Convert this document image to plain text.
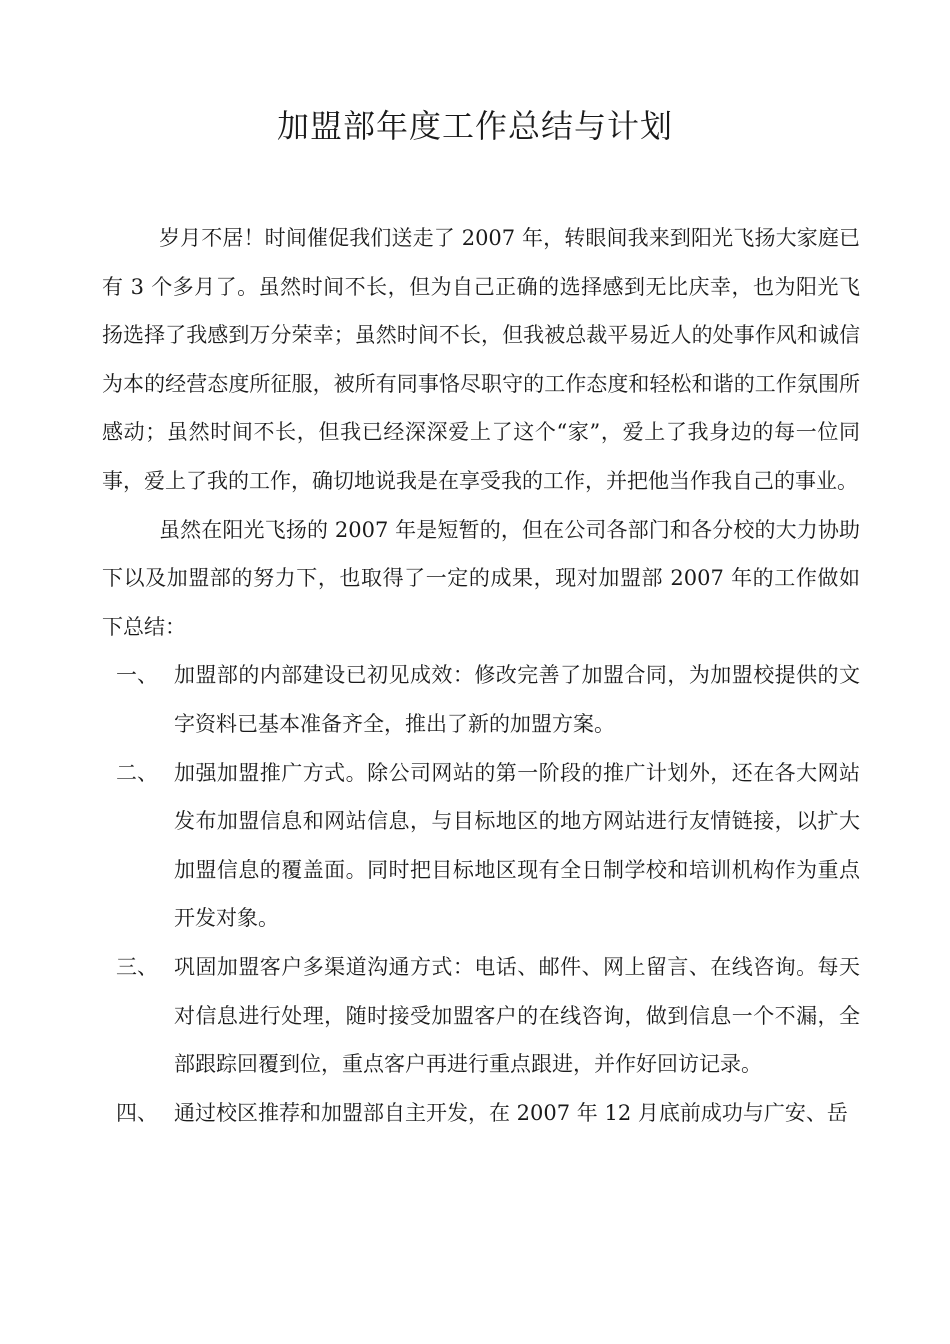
加盟部年度工作总结与计划

岁月不居！时间催促我们送走了 2007 年，转眼间我来到阳光飞扬大家庭已有 3 个多月了。虽然时间不长，但为自己正确的选择感到无比庆幸，也为阳光飞扬选择了我感到万分荣幸；虽然时间不长，但我被总裁平易近人的处事作风和诚信为本的经营态度所征服，被所有同事恪尽职守的工作态度和轻松和谐的工作氛围所感动；虽然时间不长，但我已经深深爱上了这个“家”，爱上了我身边的每一位同事，爱上了我的工作，确切地说我是在享受我的工作，并把他当作我自己的事业。

虽然在阳光飞扬的 2007 年是短暂的，但在公司各部门和各分校的大力协助下以及加盟部的努力下，也取得了一定的成果，现对加盟部 2007 年的工作做如下总结：

一、 加盟部的内部建设已初见成效：修改完善了加盟合同，为加盟校提供的文字资料已基本准备齐全，推出了新的加盟方案。
二、 加强加盟推广方式。除公司网站的第一阶段的推广计划外，还在各大网站发布加盟信息和网站信息，与目标地区的地方网站进行友情链接，以扩大加盟信息的覆盖面。同时把目标地区现有全日制学校和培训机构作为重点开发对象。
三、 巩固加盟客户多渠道沟通方式：电话、邮件、网上留言、在线咨询。每天对信息进行处理，随时接受加盟客户的在线咨询，做到信息一个不漏，全部跟踪回覆到位，重点客户再进行重点跟进，并作好回访记录。
四、 通过校区推荐和加盟部自主开发，在 2007 年 12 月底前成功与广安、岳
